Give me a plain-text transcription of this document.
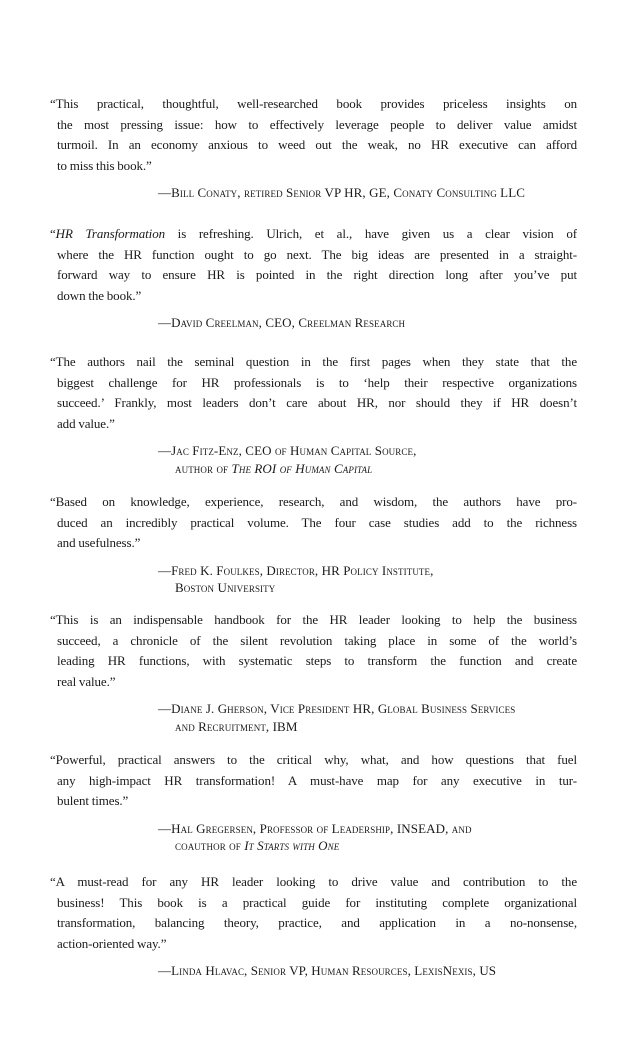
“This practical, thoughtful, well-researched book provides priceless insights on
the most pressing issue: how to effectively leverage people to deliver value amidst
turmoil. In an economy anxious to weed out the weak, no HR executive can afford
to miss this book.”
—Bill Conaty, retired Senior VP HR, GE, Conaty Consulting LLC
“HR Transformation is refreshing. Ulrich, et al., have given us a clear vision of
where the HR function ought to go next. The big ideas are presented in a straight-
forward way to ensure HR is pointed in the right direction long after you’ve put
down the book.”
—David Creelman, CEO, Creelman Research
“The authors nail the seminal question in the first pages when they state that the
biggest challenge for HR professionals is to ‘help their respective organizations
succeed.’ Frankly, most leaders don’t care about HR, nor should they if HR doesn’t
add value.”
—Jac Fitz-Enz, CEO of Human Capital Source,
author of The ROI of Human Capital
“Based on knowledge, experience, research, and wisdom, the authors have pro-
duced an incredibly practical volume. The four case studies add to the richness
and usefulness.”
—Fred K. Foulkes, Director, HR Policy Institute,
Boston University
“This is an indispensable handbook for the HR leader looking to help the business
succeed, a chronicle of the silent revolution taking place in some of the world’s
leading HR functions, with systematic steps to transform the function and create
real value.”
—Diane J. Gherson, Vice President HR, Global Business Services
and Recruitment, IBM
“Powerful, practical answers to the critical why, what, and how questions that fuel
any high-impact HR transformation! A must-have map for any executive in tur-
bulent times.”
—Hal Gregersen, Professor of Leadership, INSEAD, and
coauthor of It Starts with One
“A must-read for any HR leader looking to drive value and contribution to the
business! This book is a practical guide for instituting complete organizational
transformation, balancing theory, practice, and application in a no-nonsense,
action-oriented way.”
—Linda Hlavac, Senior VP, Human Resources, LexisNexis, US
